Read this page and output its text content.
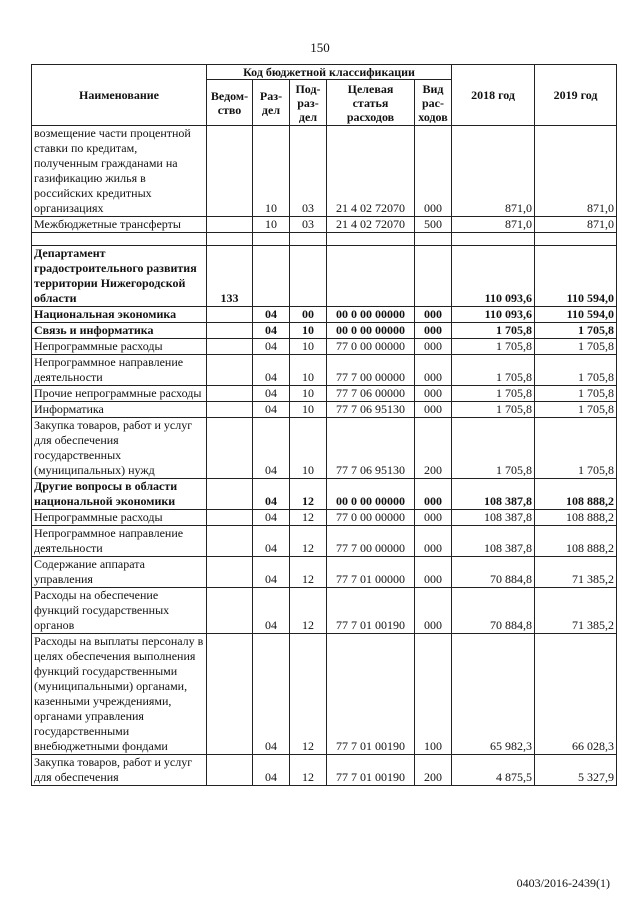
150
Наименование	Код бюджетной классификации					2018 год	2019 год
	Ведом-ство	Раз-дел	Под-раз-дел	Целевая статья расходов	Вид рас-ходов		
возмещение части процентной ставки по кредитам, полученным гражданами на газификацию жилья в российских кредитных организациях		10	03	21 4 02 72070	000	871,0	871,0
Межбюджетные трансферты		10	03	21 4 02 72070	500	871,0	871,0

Департамент градостроительного развития территории Нижегородской области	133					110 093,6	110 594,0
Национальная экономика		04	00	00 0 00 00000	000	110 093,6	110 594,0
Связь и информатика		04	10	00 0 00 00000	000	1 705,8	1 705,8
Непрограммные расходы		04	10	77 0 00 00000	000	1 705,8	1 705,8
Непрограммное направление деятельности		04	10	77 7 00 00000	000	1 705,8	1 705,8
Прочие непрограммные расходы		04	10	77 7 06 00000	000	1 705,8	1 705,8
Информатика		04	10	77 7 06 95130	000	1 705,8	1 705,8
Закупка товаров, работ и услуг для обеспечения государственных (муниципальных) нужд		04	10	77 7 06 95130	200	1 705,8	1 705,8
Другие вопросы в области национальной экономики		04	12	00 0 00 00000	000	108 387,8	108 888,2
Непрограммные расходы		04	12	77 0 00 00000	000	108 387,8	108 888,2
Непрограммное направление деятельности		04	12	77 7 00 00000	000	108 387,8	108 888,2
Содержание аппарата управления		04	12	77 7 01 00000	000	70 884,8	71 385,2
Расходы на обеспечение функций государственных органов		04	12	77 7 01 00190	000	70 884,8	71 385,2
Расходы на выплаты персоналу в целях обеспечения выполнения функций государственными (муниципальными) органами, казенными учреждениями, органами управления государственными внебюджетными фондами		04	12	77 7 01 00190	100	65 982,3	66 028,3
Закупка товаров, работ и услуг для обеспечения		04	12	77 7 01 00190	200	4 875,5	5 327,9
0403/2016-2439(1)
